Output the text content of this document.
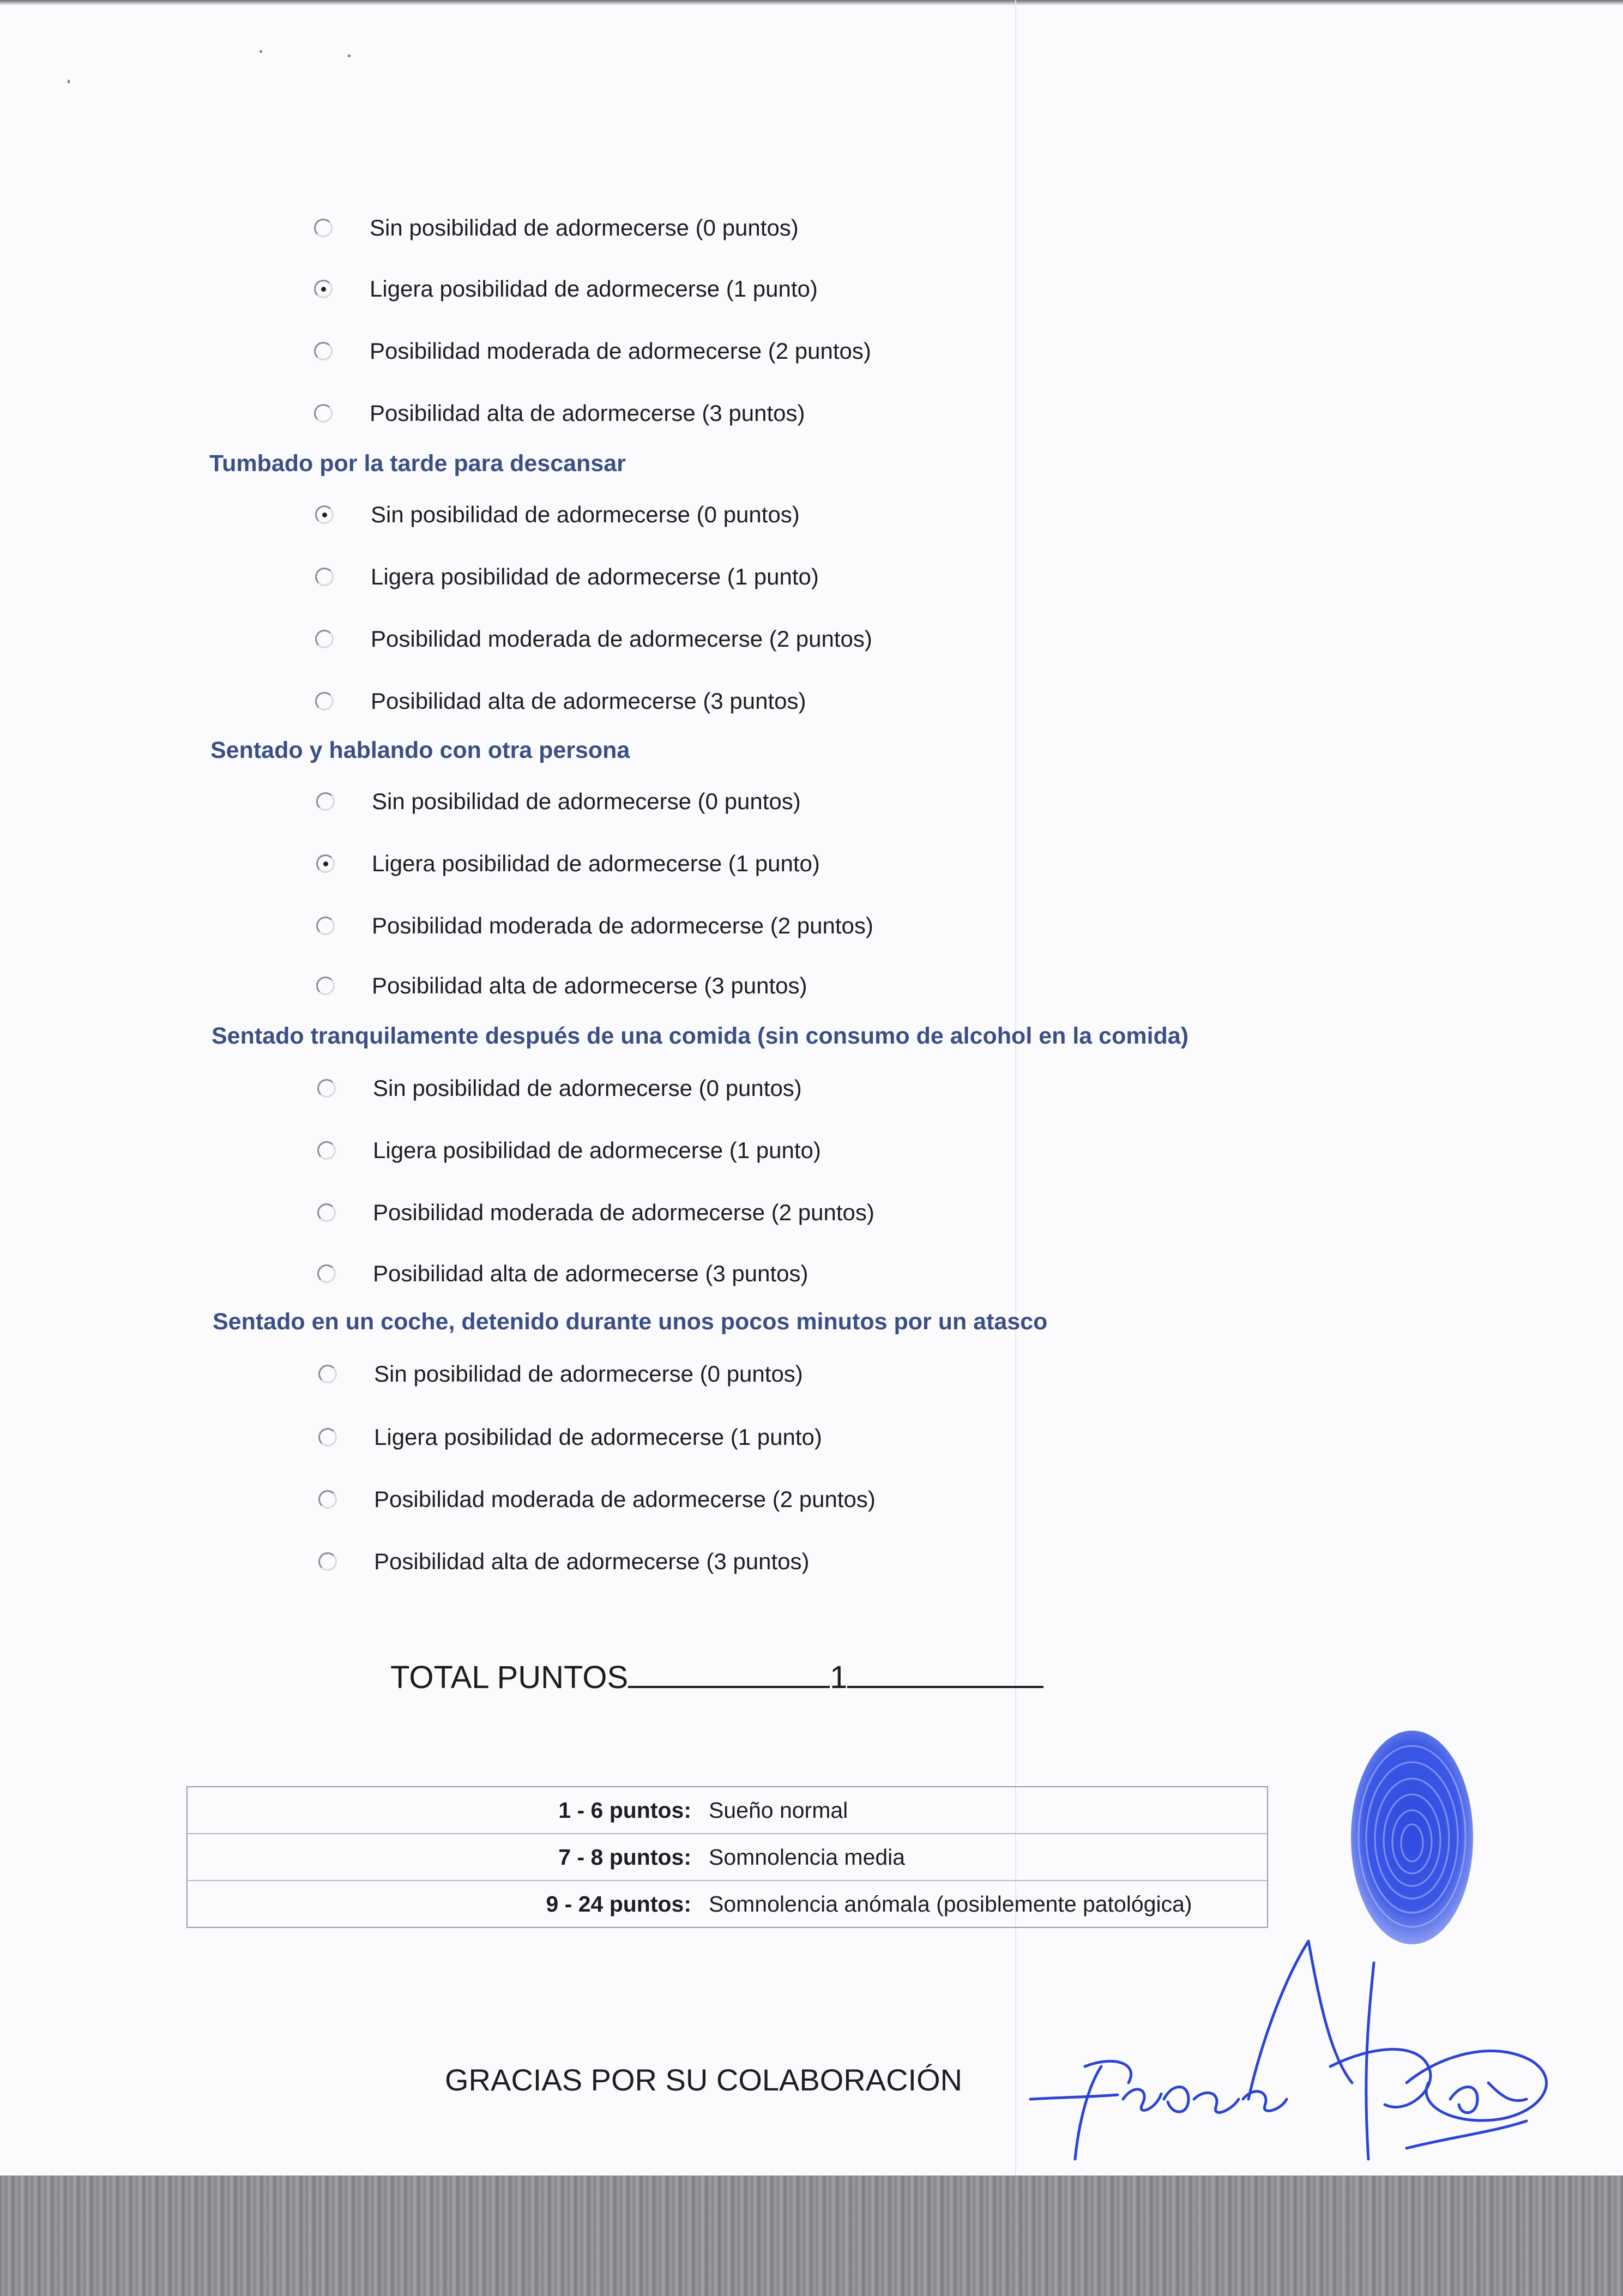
Sin posibilidad de adormecerse (0 puntos)
Ligera posibilidad de adormecerse (1 punto)
Posibilidad moderada de adormecerse (2 puntos)
Posibilidad alta de adormecerse (3 puntos)
Tumbado por la tarde para descansar
Sin posibilidad de adormecerse (0 puntos)
Ligera posibilidad de adormecerse (1 punto)
Posibilidad moderada de adormecerse (2 puntos)
Posibilidad alta de adormecerse (3 puntos)
Sentado y hablando con otra persona
Sin posibilidad de adormecerse (0 puntos)
Ligera posibilidad de adormecerse (1 punto)
Posibilidad moderada de adormecerse (2 puntos)
Posibilidad alta de adormecerse (3 puntos)
Sentado tranquilamente después de una comida (sin consumo de alcohol en la comida)
Sin posibilidad de adormecerse (0 puntos)
Ligera posibilidad de adormecerse (1 punto)
Posibilidad moderada de adormecerse (2 puntos)
Posibilidad alta de adormecerse (3 puntos)
Sentado en un coche, detenido durante unos pocos minutos por un atasco
Sin posibilidad de adormecerse (0 puntos)
Ligera posibilidad de adormecerse (1 punto)
Posibilidad moderada de adormecerse (2 puntos)
Posibilidad alta de adormecerse (3 puntos)
TOTAL PUNTOS	1
1 - 6 puntos: Sueño normal
7 - 8 puntos: Somnolencia media
9 - 24 puntos: Somnolencia anómala (posiblemente patológica)
GRACIAS POR SU COLABORACIÓN
